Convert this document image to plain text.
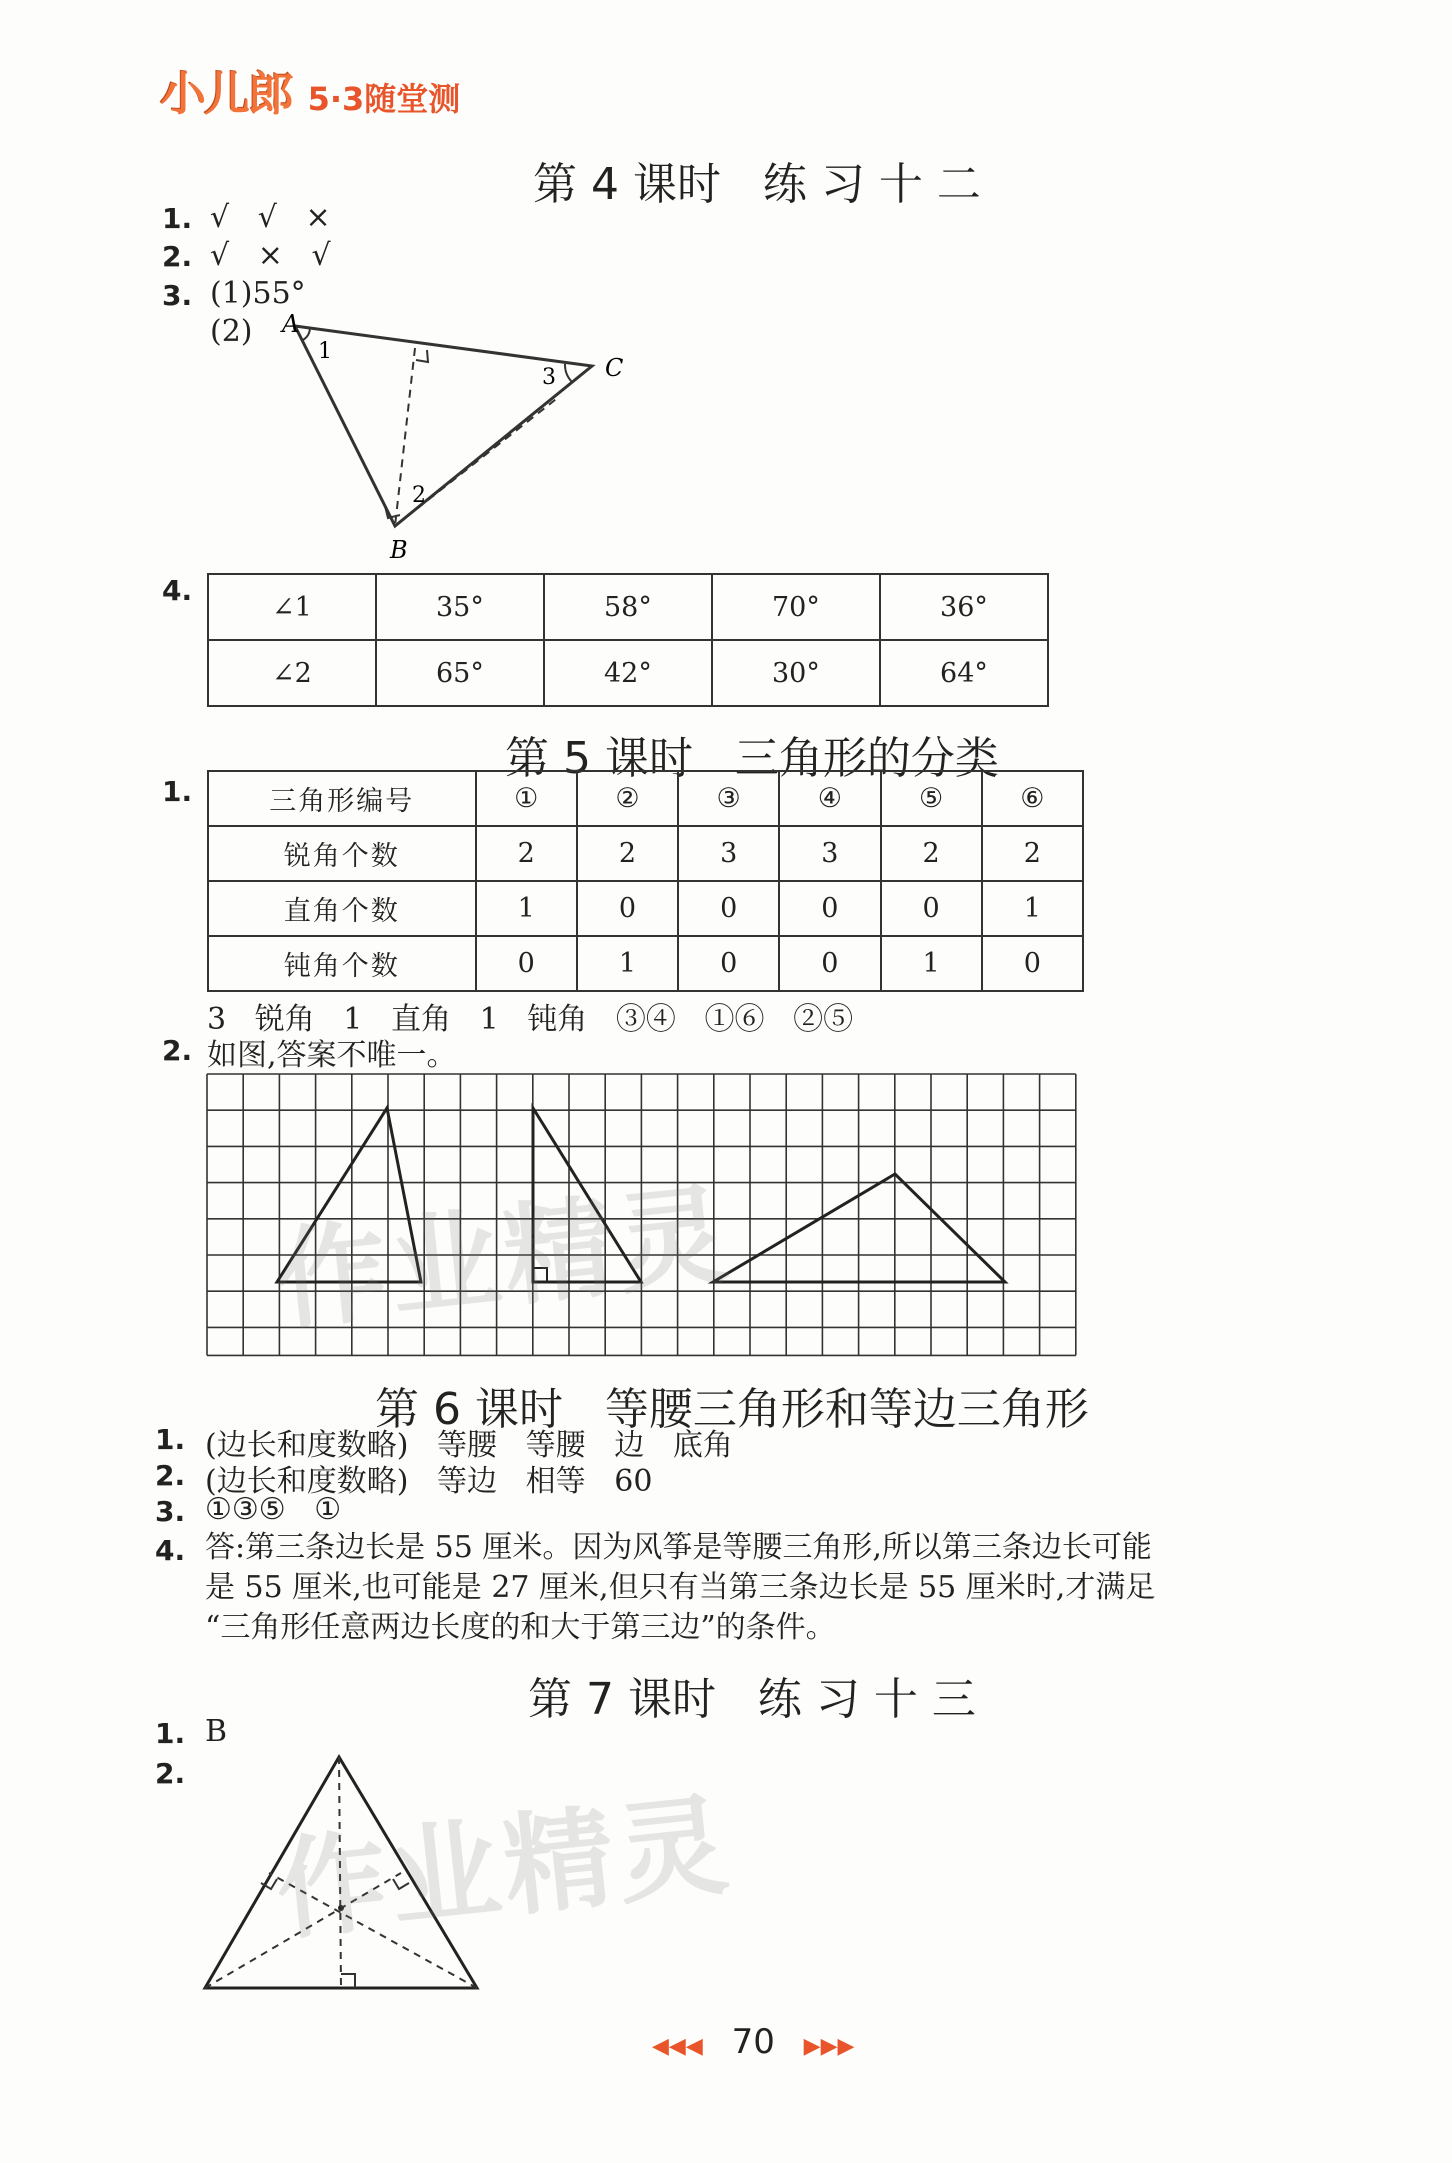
小儿郎 5·3随堂测
第 4 课时   练 习 十 二
1. √   √   ×
2. √   ×   √
3. (1)55°
(2) A
C
B
1
2
3
4.	∠1	35°	58°	70°	36°
∠2	65°	42°	30°	64°
第 5 课时   三角形的分类
1.	三角形编号	①	②	③	④	⑤	⑥
锐角个数	2	2	3	3	2	2
直角个数	1	0	0	0	0	1
钝角个数	0	1	0	0	1	0
3   锐角   1   直角   1   钝角   ③④   ①⑥   ②⑤
2. 如图,答案不唯一。
第 6 课时   等腰三角形和等边三角形
1. (边长和度数略)   等腰   等腰   边   底角
2. (边长和度数略)   等边   相等   60
3. ①③⑤   ①
4. 答:第三条边长是 55 厘米。因为风筝是等腰三角形,所以第三条边长可能
是 55 厘米,也可能是 27 厘米,但只有当第三条边长是 55 厘米时,才满足
“三角形任意两边长度的和大于第三边”的条件。
第 7 课时   练 习 十 三
1. B
2.
作业精灵
作业精灵
◀◀◀ 70 ▶▶▶
